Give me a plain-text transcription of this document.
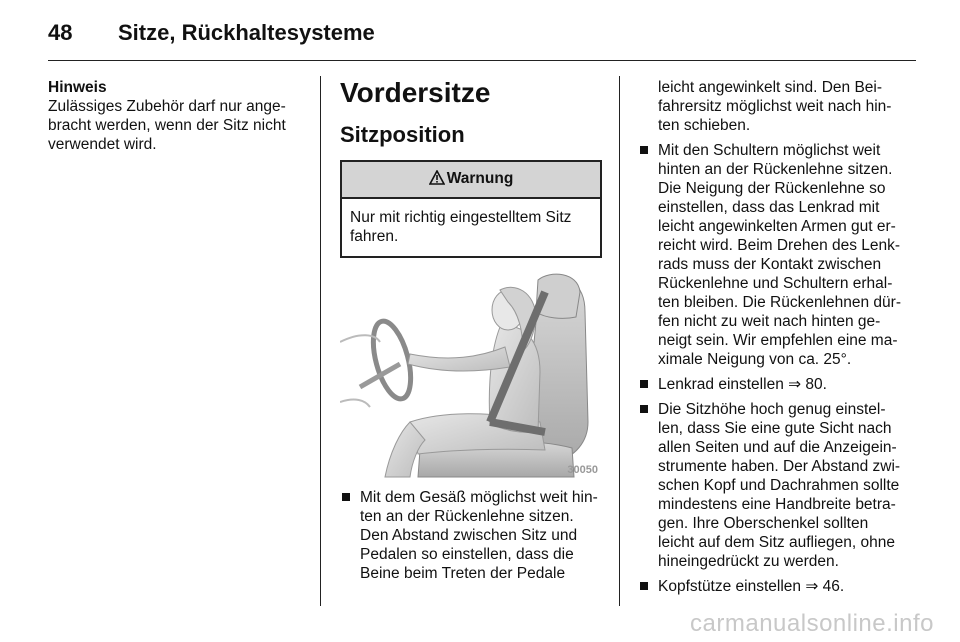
48 Sitze, Rückhaltesysteme
Hinweis
Zulässiges Zubehör darf nur ange-
bracht werden, wenn der Sitz nicht
verwendet wird.
Vordersitze
Sitzposition
Warnung
Nur mit richtig eingestelltem Sitz
fahren.
30050
Mit dem Gesäß möglichst weit hin-
ten an der Rückenlehne sitzen.
Den Abstand zwischen Sitz und
Pedalen so einstellen, dass die
Beine beim Treten der Pedale
leicht angewinkelt sind. Den Bei-
fahrersitz möglichst weit nach hin-
ten schieben.
Mit den Schultern möglichst weit
hinten an der Rückenlehne sitzen.
Die Neigung der Rückenlehne so
einstellen, dass das Lenkrad mit
leicht angewinkelten Armen gut er-
reicht wird. Beim Drehen des Lenk-
rads muss der Kontakt zwischen
Rückenlehne und Schultern erhal-
ten bleiben. Die Rückenlehnen dür-
fen nicht zu weit nach hinten ge-
neigt sein. Wir empfehlen eine ma-
ximale Neigung von ca. 25°.
Lenkrad einstellen ⇒ 80.
Die Sitzhöhe hoch genug einstel-
len, dass Sie eine gute Sicht nach
allen Seiten und auf die Anzeigein-
strumente haben. Der Abstand zwi-
schen Kopf und Dachrahmen sollte
mindestens eine Handbreite betra-
gen. Ihre Oberschenkel sollten
leicht auf dem Sitz aufliegen, ohne
hineingedrückt zu werden.
Kopfstütze einstellen ⇒ 46.
carmanualsonline.info
